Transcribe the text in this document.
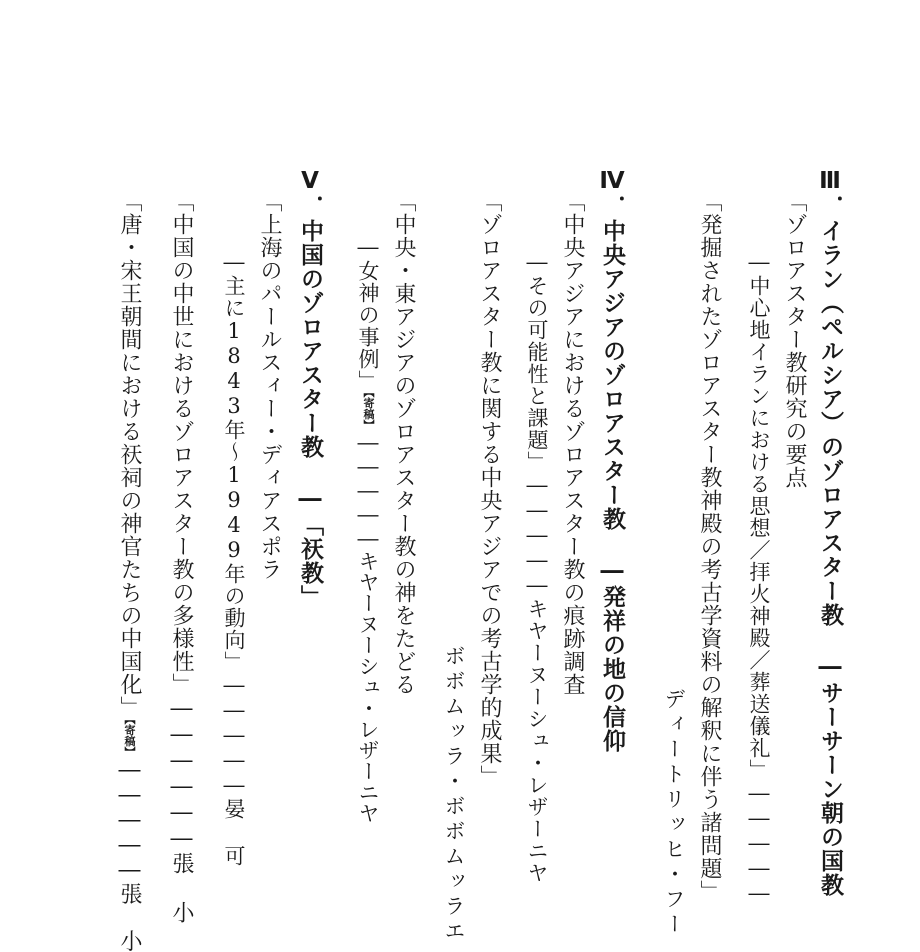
Ⅲ．イラン（ペルシア）のゾロアスター教 ―サーサーン朝の国教
「ゾロアスター教研究の要点
―中心地イランにおける思想／拝火神殿／葬送儀礼」―――――
「発掘されたゾロアスター教神殿の考古学資料の解釈に伴う諸問題」
ディートリッヒ・フー
Ⅳ．中央アジアのゾロアスター教 ―発祥の地の信仰
「中央アジアにおけるゾロアスター教の痕跡調査
―その可能性と課題」―――――キヤーヌーシュ・レザーニヤ
「ゾロアスター教に関する中央アジアでの考古学的成果」
ボボムッラ・ボボムッラエ
「中央・東アジアのゾロアスター教の神をたどる
―女神の事例」【寄稿】―――――キヤーヌーシュ・レザーニヤ
Ⅴ．中国のゾロアスター教 ―「祆教」
「上海のパールスィー・ディアスポラ
―主に1843年～1949年の動向」―――――晏 可
「中国の中世におけるゾロアスター教の多様性」――――――張 小
「唐・宋王朝間における祆祠の神官たちの中国化」【寄稿】―――――張 小
